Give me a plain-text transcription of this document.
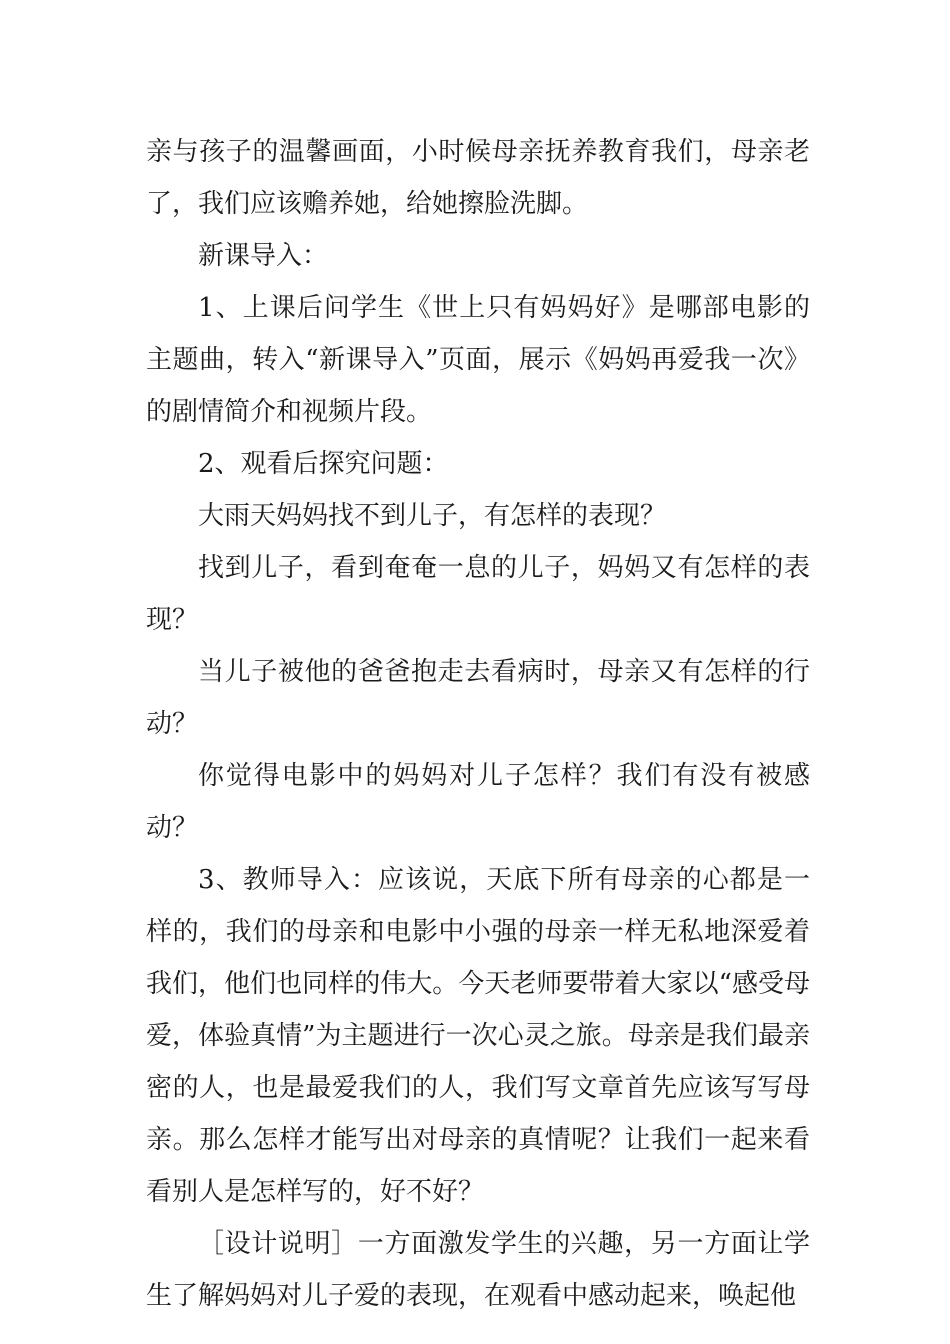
亲与孩子的温馨画面，小时候母亲抚养教育我们，母亲老了，我们应该赡养她，给她擦脸洗脚。

新课导入：

1、上课后问学生《世上只有妈妈好》是哪部电影的主题曲，转入“新课导入”页面，展示《妈妈再爱我一次》的剧情简介和视频片段。

2、观看后探究问题：

大雨天妈妈找不到儿子，有怎样的表现？

找到儿子，看到奄奄一息的儿子，妈妈又有怎样的表现？

当儿子被他的爸爸抱走去看病时，母亲又有怎样的行动？

你觉得电影中的妈妈对儿子怎样？我们有没有被感动？

3、教师导入：应该说，天底下所有母亲的心都是一样的，我们的母亲和电影中小强的母亲一样无私地深爱着我们，他们也同样的伟大。今天老师要带着大家以“感受母爱，体验真情”为主题进行一次心灵之旅。母亲是我们最亲密的人，也是最爱我们的人，我们写文章首先应该写写母亲。那么怎样才能写出对母亲的真情呢？让我们一起来看看别人是怎样写的，好不好？

［设计说明］一方面激发学生的兴趣，另一方面让学生了解妈妈对儿子爱的表现，在观看中感动起来，唤起他
